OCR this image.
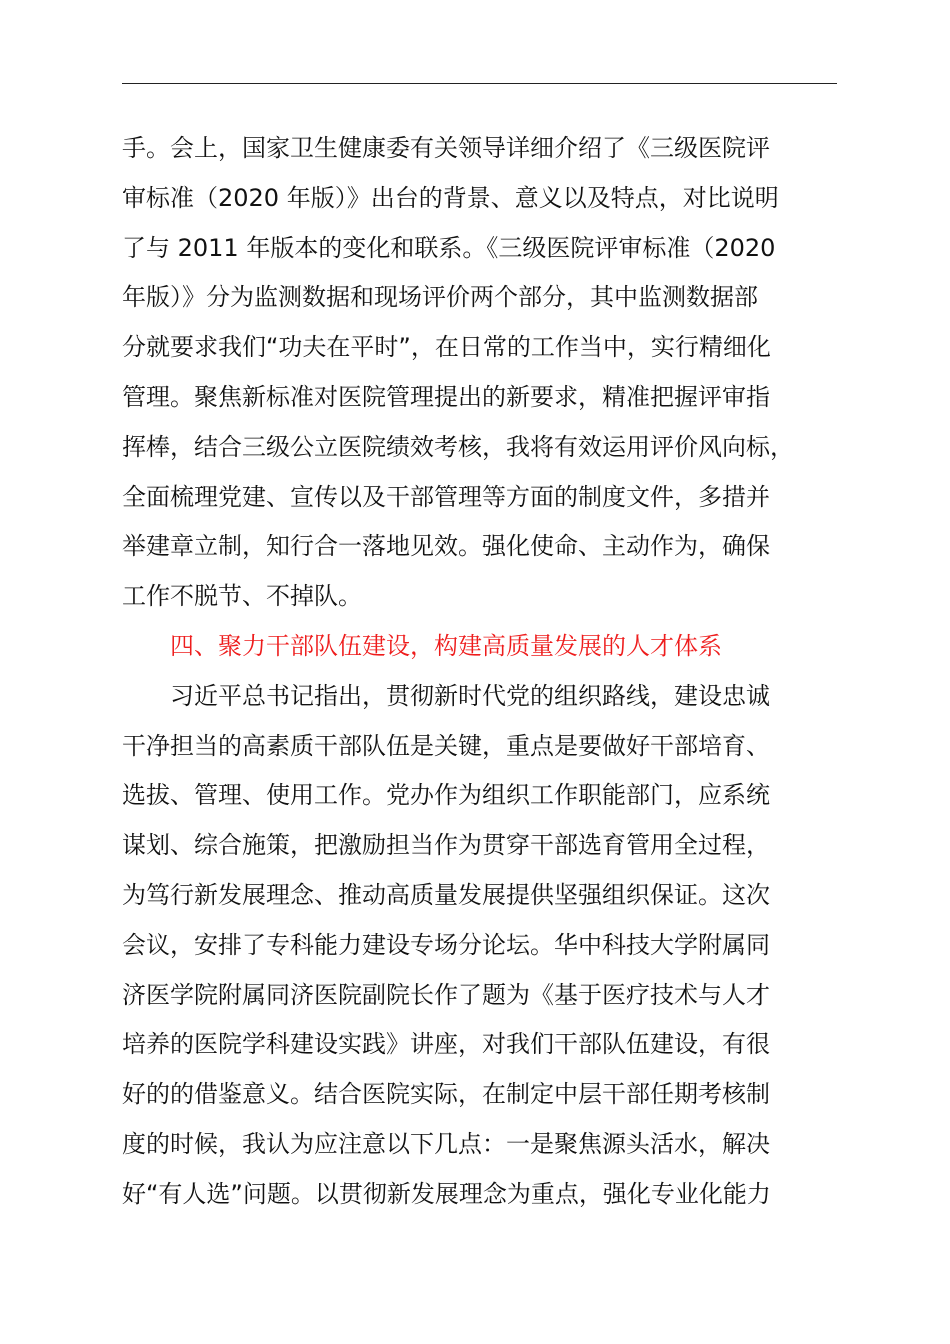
手。会上，国家卫生健康委有关领导详细介绍了《三级医院评
审标准（2020 年版）》出台的背景、意义以及特点，对比说明
了与 2011 年版本的变化和联系。《三级医院评审标准（2020
年版）》分为监测数据和现场评价两个部分，其中监测数据部
分就要求我们“功夫在平时”，在日常的工作当中，实行精细化
管理。聚焦新标准对医院管理提出的新要求，精准把握评审指
挥棒，结合三级公立医院绩效考核，我将有效运用评价风向标，
全面梳理党建、宣传以及干部管理等方面的制度文件，多措并
举建章立制，知行合一落地见效。强化使命、主动作为，确保
工作不脱节、不掉队。
四、聚力干部队伍建设，构建高质量发展的人才体系
习近平总书记指出，贯彻新时代党的组织路线，建设忠诚
干净担当的高素质干部队伍是关键，重点是要做好干部培育、
选拔、管理、使用工作。党办作为组织工作职能部门，应系统
谋划、综合施策，把激励担当作为贯穿干部选育管用全过程，
为笃行新发展理念、推动高质量发展提供坚强组织保证。这次
会议，安排了专科能力建设专场分论坛。华中科技大学附属同
济医学院附属同济医院副院长作了题为《基于医疗技术与人才
培养的医院学科建设实践》讲座，对我们干部队伍建设，有很
好的的借鉴意义。结合医院实际，在制定中层干部任期考核制
度的时候，我认为应注意以下几点：一是聚焦源头活水，解决
好“有人选”问题。以贯彻新发展理念为重点，强化专业化能力
